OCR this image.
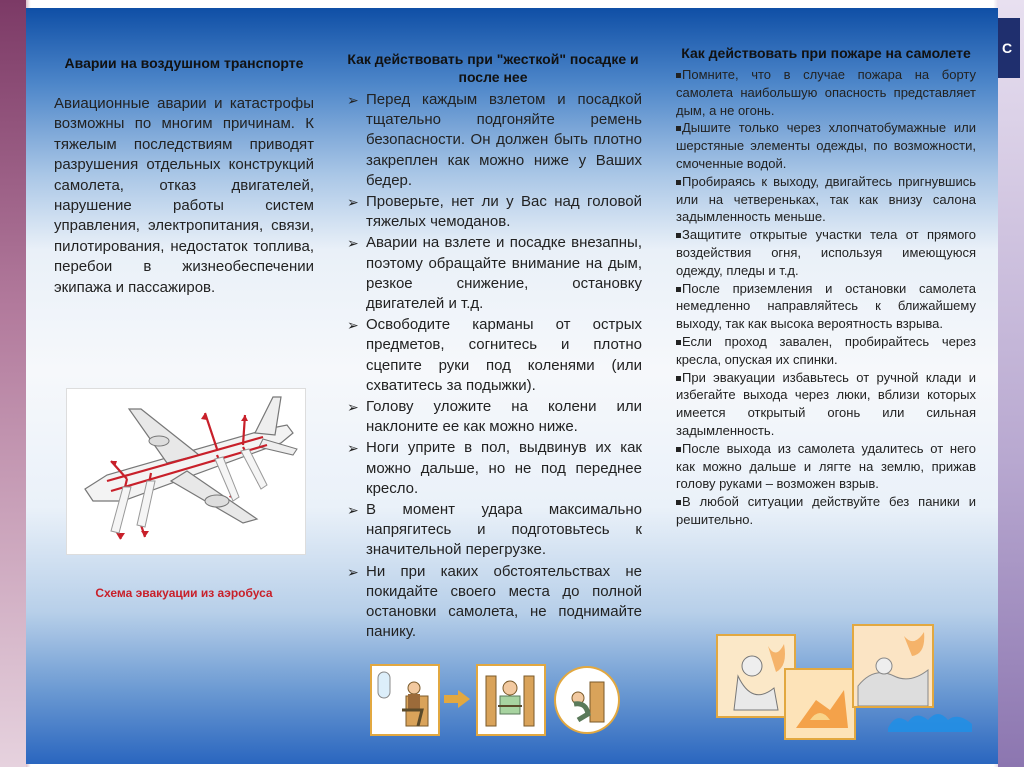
C
Аварии на воздушном транспорте

Авиационные аварии и катастрофы возможны по многим причинам. К тяжелым последствиям приводят разрушения отдельных конструкций самолета, отказ двигателей, нарушение работы систем управления, электропитания, связи, пилотирования, недостаток топлива, перебои в жизнеобеспечении экипажа и пассажиров.

Схема эвакуации из аэробуса
Как действовать при "жесткой" посадке и после нее
➢ Перед каждым взлетом и посадкой тщательно подгоняйте ремень безопасности. Он должен быть плотно закреплен как можно ниже у Ваших бедер.
➢ Проверьте, нет ли у Вас над головой тяжелых чемоданов.
➢ Аварии на взлете и посадке внезапны, поэтому обращайте внимание на дым, резкое снижение, остановку двигателей и т.д.
➢ Освободите карманы от острых предметов, согнитесь и плотно сцепите руки под коленями (или схватитесь за подыжки).
➢ Голову уложите на колени или наклоните ее как можно ниже.
➢ Ноги уприте в пол, выдвинув их как можно дальше, но не под переднее кресло.
➢ В момент удара максимально напрягитесь и подготовьтесь к значительной перегрузке.
➢ Ни при каких обстоятельствах не покидайте своего места до полной остановки самолета, не поднимайте панику.
Как действовать при пожаре на самолете
Помните, что в случае пожара на борту самолета наибольшую опасность представляет дым, а не огонь.
Дышите только через хлопчатобумажные или шерстяные элементы одежды, по возможности, смоченные водой.
Пробираясь к выходу, двигайтесь пригнувшись или на четвереньках, так как внизу салона задымленность меньше.
Защитите открытые участки тела от прямого воздействия огня, используя имеющуюся одежду, пледы и т.д.
После приземления и остановки самолета немедленно направляйтесь к ближайшему выходу, так как высока вероятность взрыва.
Если проход завален, пробирайтесь через кресла, опуская их спинки.
При эвакуации избавьтесь от ручной клади и избегайте выхода через люки, вблизи которых имеется открытый огонь или сильная задымленность.
После выхода из самолета удалитесь от него как можно дальше и лягте на землю, прижав голову руками – возможен взрыв.
В любой ситуации действуйте без паники и решительно.
